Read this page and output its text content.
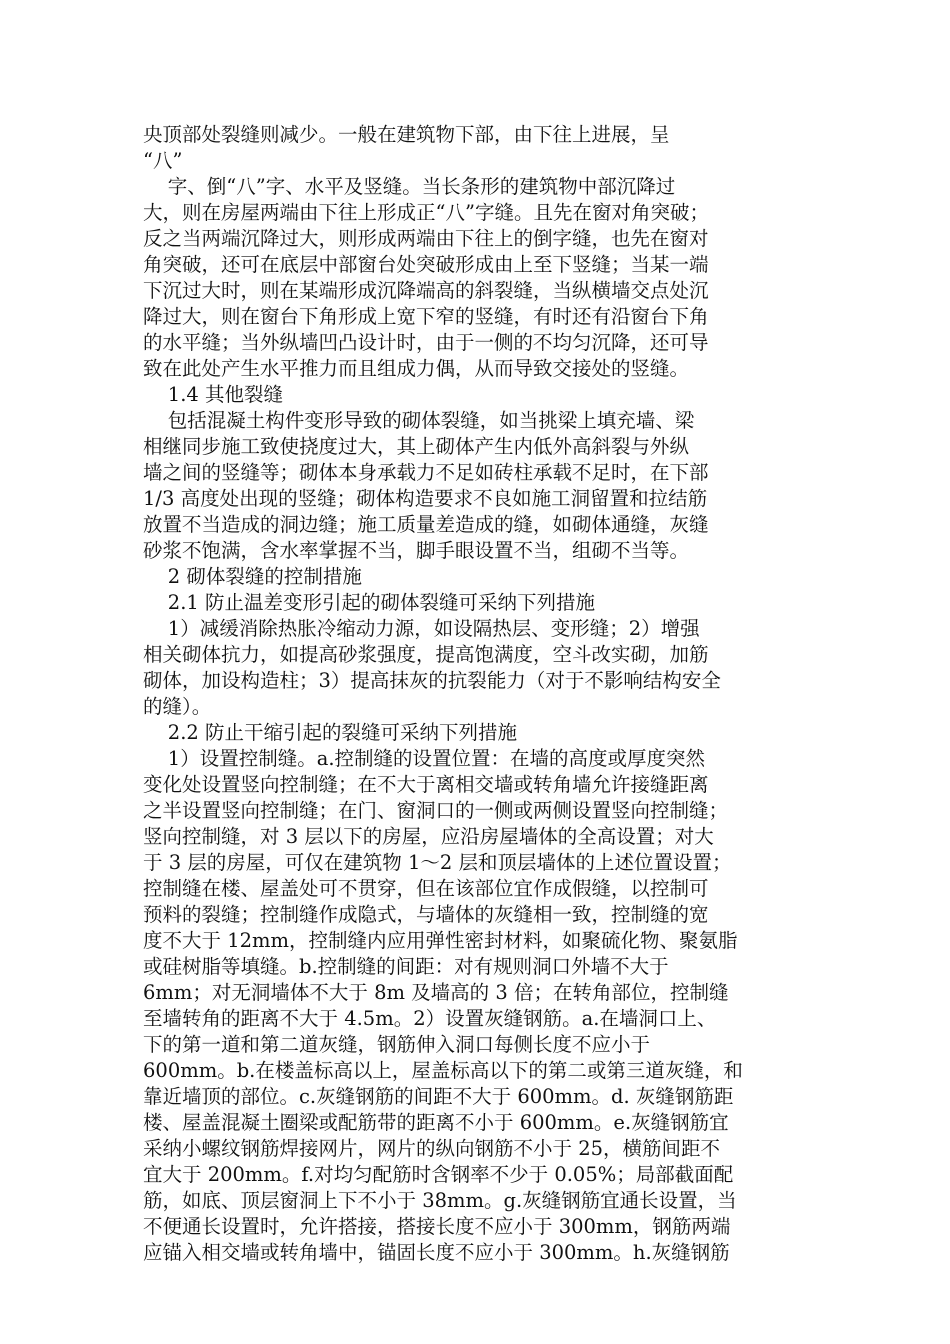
央顶部处裂缝则减少。一般在建筑物下部，由下往上进展，呈
“八”
字、倒“八”字、水平及竖缝。当长条形的建筑物中部沉降过
大，则在房屋两端由下往上形成正“八”字缝。且先在窗对角突破；
反之当两端沉降过大，则形成两端由下往上的倒字缝，也先在窗对
角突破，还可在底层中部窗台处突破形成由上至下竖缝；当某一端
下沉过大时，则在某端形成沉降端高的斜裂缝，当纵横墙交点处沉
降过大，则在窗台下角形成上宽下窄的竖缝，有时还有沿窗台下角
的水平缝；当外纵墙凹凸设计时，由于一侧的不均匀沉降，还可导
致在此处产生水平推力而且组成力偶，从而导致交接处的竖缝。
1.4 其他裂缝
包括混凝土构件变形导致的砌体裂缝，如当挑梁上填充墙、梁
相继同步施工致使挠度过大，其上砌体产生内低外高斜裂与外纵
墙之间的竖缝等；砌体本身承载力不足如砖柱承载不足时，在下部
1/3 高度处出现的竖缝；砌体构造要求不良如施工洞留置和拉结筋
放置不当造成的洞边缝；施工质量差造成的缝，如砌体通缝，灰缝
砂浆不饱满，含水率掌握不当，脚手眼设置不当，组砌不当等。
2 砌体裂缝的控制措施
2.1 防止温差变形引起的砌体裂缝可采纳下列措施
1）减缓消除热胀冷缩动力源，如设隔热层、变形缝；2）增强
相关砌体抗力，如提高砂浆强度，提高饱满度，空斗改实砌，加筋
砌体，加设构造柱；3）提高抹灰的抗裂能力（对于不影响结构安全
的缝）。
2.2 防止干缩引起的裂缝可采纳下列措施
1）设置控制缝。a.控制缝的设置位置：在墙的高度或厚度突然
变化处设置竖向控制缝；在不大于离相交墙或转角墙允许接缝距离
之半设置竖向控制缝；在门、窗洞口的一侧或两侧设置竖向控制缝；
竖向控制缝，对 3 层以下的房屋，应沿房屋墙体的全高设置；对大
于 3 层的房屋，可仅在建筑物 1～2 层和顶层墙体的上述位置设置；
控制缝在楼、屋盖处可不贯穿，但在该部位宜作成假缝，以控制可
预料的裂缝；控制缝作成隐式，与墙体的灰缝相一致，控制缝的宽
度不大于 12mm，控制缝内应用弹性密封材料，如聚硫化物、聚氨脂
或硅树脂等填缝。b.控制缝的间距：对有规则洞口外墙不大于
6mm；对无洞墙体不大于 8m 及墙高的 3 倍；在转角部位，控制缝
至墙转角的距离不大于 4.5m。2）设置灰缝钢筋。a.在墙洞口上、
下的第一道和第二道灰缝，钢筋伸入洞口每侧长度不应小于
600mm。b.在楼盖标高以上，屋盖标高以下的第二或第三道灰缝，和
靠近墙顶的部位。c.灰缝钢筋的间距不大于 600mm。d. 灰缝钢筋距
楼、屋盖混凝土圈梁或配筋带的距离不小于 600mm。e.灰缝钢筋宜
采纳小螺纹钢筋焊接网片，网片的纵向钢筋不小于 25，横筋间距不
宜大于 200mm。f.对均匀配筋时含钢率不少于 0.05%；局部截面配
筋，如底、顶层窗洞上下不小于 38mm。g.灰缝钢筋宜通长设置，当
不便通长设置时，允许搭接，搭接长度不应小于 300mm，钢筋两端
应锚入相交墙或转角墙中，锚固长度不应小于 300mm。h.灰缝钢筋
